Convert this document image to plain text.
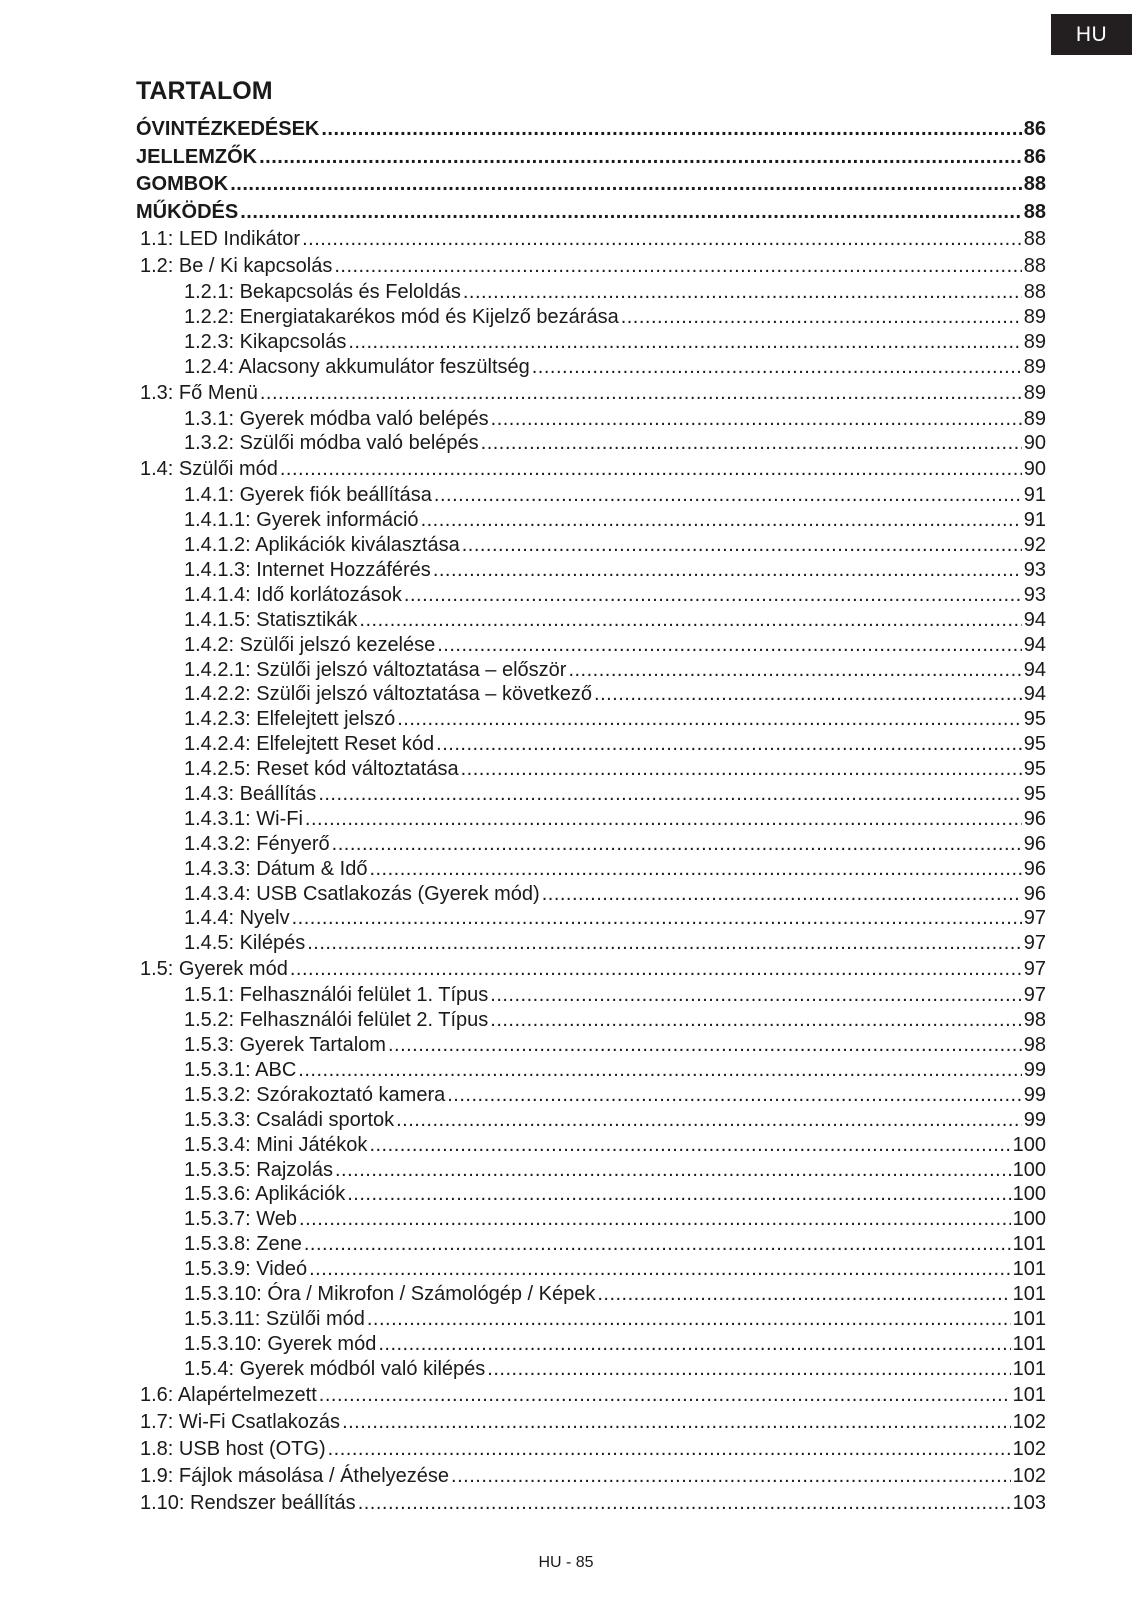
HU
TARTALOM
ÓVINTÉZKEDÉSEK .....	86
JELLEMZŐK .....	86
GOMBOK .....	88
MŰKÖDÉS .....	88
1.1: LED Indikátor .....	88
1.2: Be / Ki kapcsolás .....	88
1.2.1: Bekapcsolás és Feloldás .....	88
1.2.2: Energiatakarékos mód és Kijelző bezárása .....	89
1.2.3: Kikapcsolás .....	89
1.2.4: Alacsony akkumulátor feszültség .....	89
1.3: Fő Menü .....	89
1.3.1: Gyerek módba való belépés .....	89
1.3.2: Szülői módba való belépés .....	90
1.4: Szülői mód .....	90
1.4.1: Gyerek fiók beállítása .....	91
1.4.1.1: Gyerek információ .....	91
1.4.1.2: Aplikációk kiválasztása .....	92
1.4.1.3: Internet Hozzáférés .....	93
1.4.1.4: Idő korlátozások .....	93
1.4.1.5: Statisztikák .....	94
1.4.2: Szülői jelszó kezelése .....	94
1.4.2.1: Szülői jelszó változtatása – először .....	94
1.4.2.2: Szülői jelszó változtatása – következő .....	94
1.4.2.3: Elfelejtett jelszó .....	95
1.4.2.4: Elfelejtett Reset kód .....	95
1.4.2.5: Reset kód változtatása .....	95
1.4.3: Beállítás .....	95
1.4.3.1: Wi-Fi .....	96
1.4.3.2: Fényerő .....	96
1.4.3.3: Dátum & Idő .....	96
1.4.3.4: USB Csatlakozás (Gyerek mód) .....	96
1.4.4: Nyelv .....	97
1.4.5: Kilépés .....	97
1.5: Gyerek mód .....	97
1.5.1: Felhasználói felület 1. Típus .....	97
1.5.2: Felhasználói felület 2. Típus .....	98
1.5.3: Gyerek Tartalom .....	98
1.5.3.1: ABC .....	99
1.5.3.2: Szórakoztató kamera .....	99
1.5.3.3: Családi sportok .....	99
1.5.3.4: Mini Játékok .....	100
1.5.3.5: Rajzolás .....	100
1.5.3.6: Aplikációk .....	100
1.5.3.7: Web .....	100
1.5.3.8: Zene .....	101
1.5.3.9: Videó .....	101
1.5.3.10: Óra / Mikrofon / Számológép / Képek .....	101
1.5.3.11: Szülői mód .....	101
1.5.3.10: Gyerek mód .....	101
1.5.4: Gyerek módból való kilépés .....	101
1.6: Alapértelmezett .....	101
1.7: Wi-Fi Csatlakozás .....	102
1.8: USB host (OTG) .....	102
1.9: Fájlok másolása / Áthelyezése .....	102
1.10: Rendszer beállítás .....	103
HU - 85
